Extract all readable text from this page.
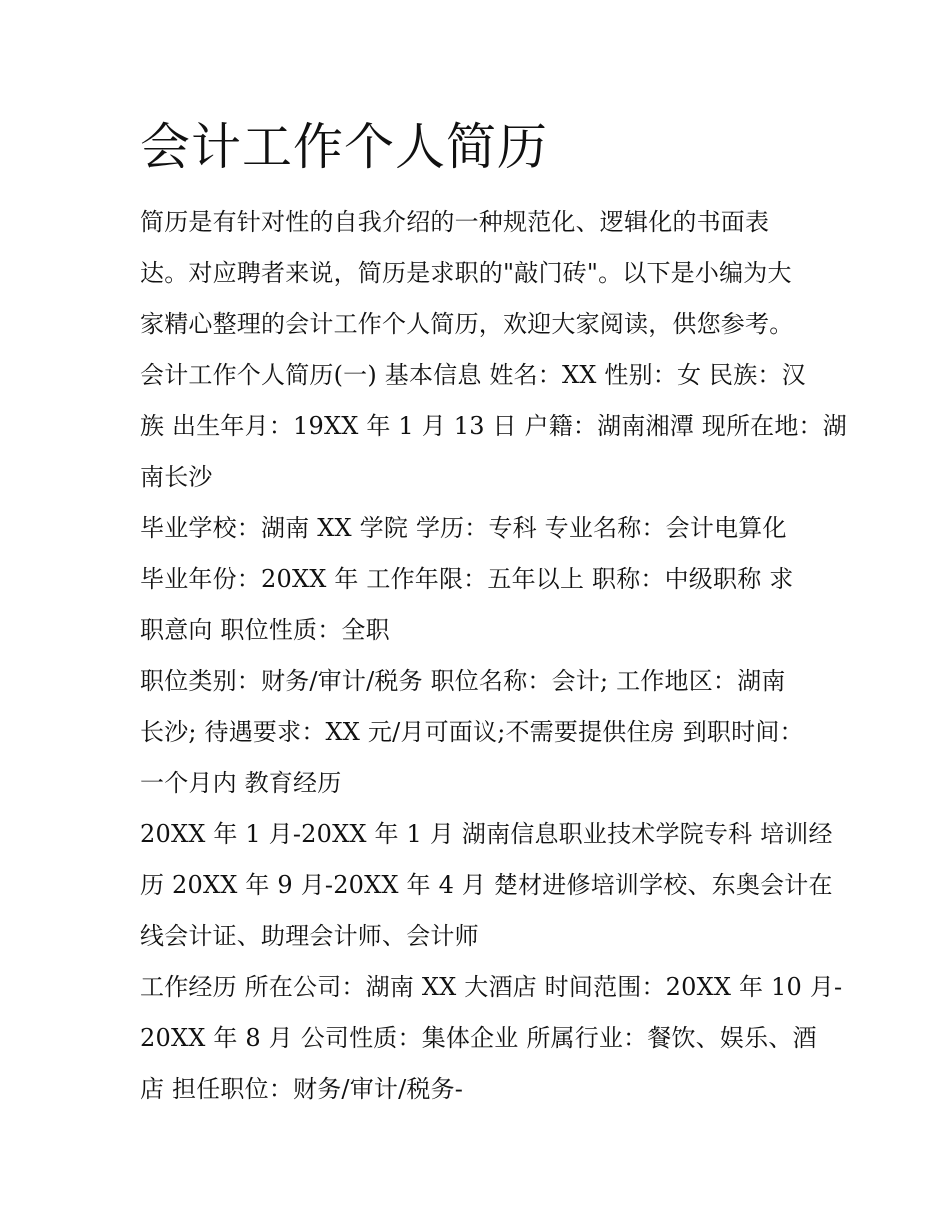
会计工作个人简历

简历是有针对性的自我介绍的一种规范化、逻辑化的书面表

达。对应聘者来说，简历是求职的"敲门砖"。以下是小编为大

家精心整理的会计工作个人简历，欢迎大家阅读，供您参考。

会计工作个人简历(一) 基本信息 姓名：XX 性别：女 民族：汉

族 出生年月：19XX 年 1 月 13 日 户籍：湖南湘潭 现所在地：湖

南长沙

毕业学校：湖南 XX 学院 学历：专科 专业名称：会计电算化

毕业年份：20XX 年 工作年限：五年以上 职称：中级职称 求

职意向 职位性质：全职

职位类别：财务/审计/税务 职位名称：会计; 工作地区：湖南

长沙; 待遇要求：XX 元/月可面议;不需要提供住房 到职时间：

一个月内 教育经历

20XX 年 1 月-20XX 年 1 月 湖南信息职业技术学院专科 培训经

历 20XX 年 9 月-20XX 年 4 月 楚材进修培训学校、东奥会计在

线会计证、助理会计师、会计师

工作经历 所在公司：湖南 XX 大酒店 时间范围：20XX 年 10 月-

20XX 年 8 月 公司性质：集体企业 所属行业：餐饮、娱乐、酒

店 担任职位：财务/审计/税务-
